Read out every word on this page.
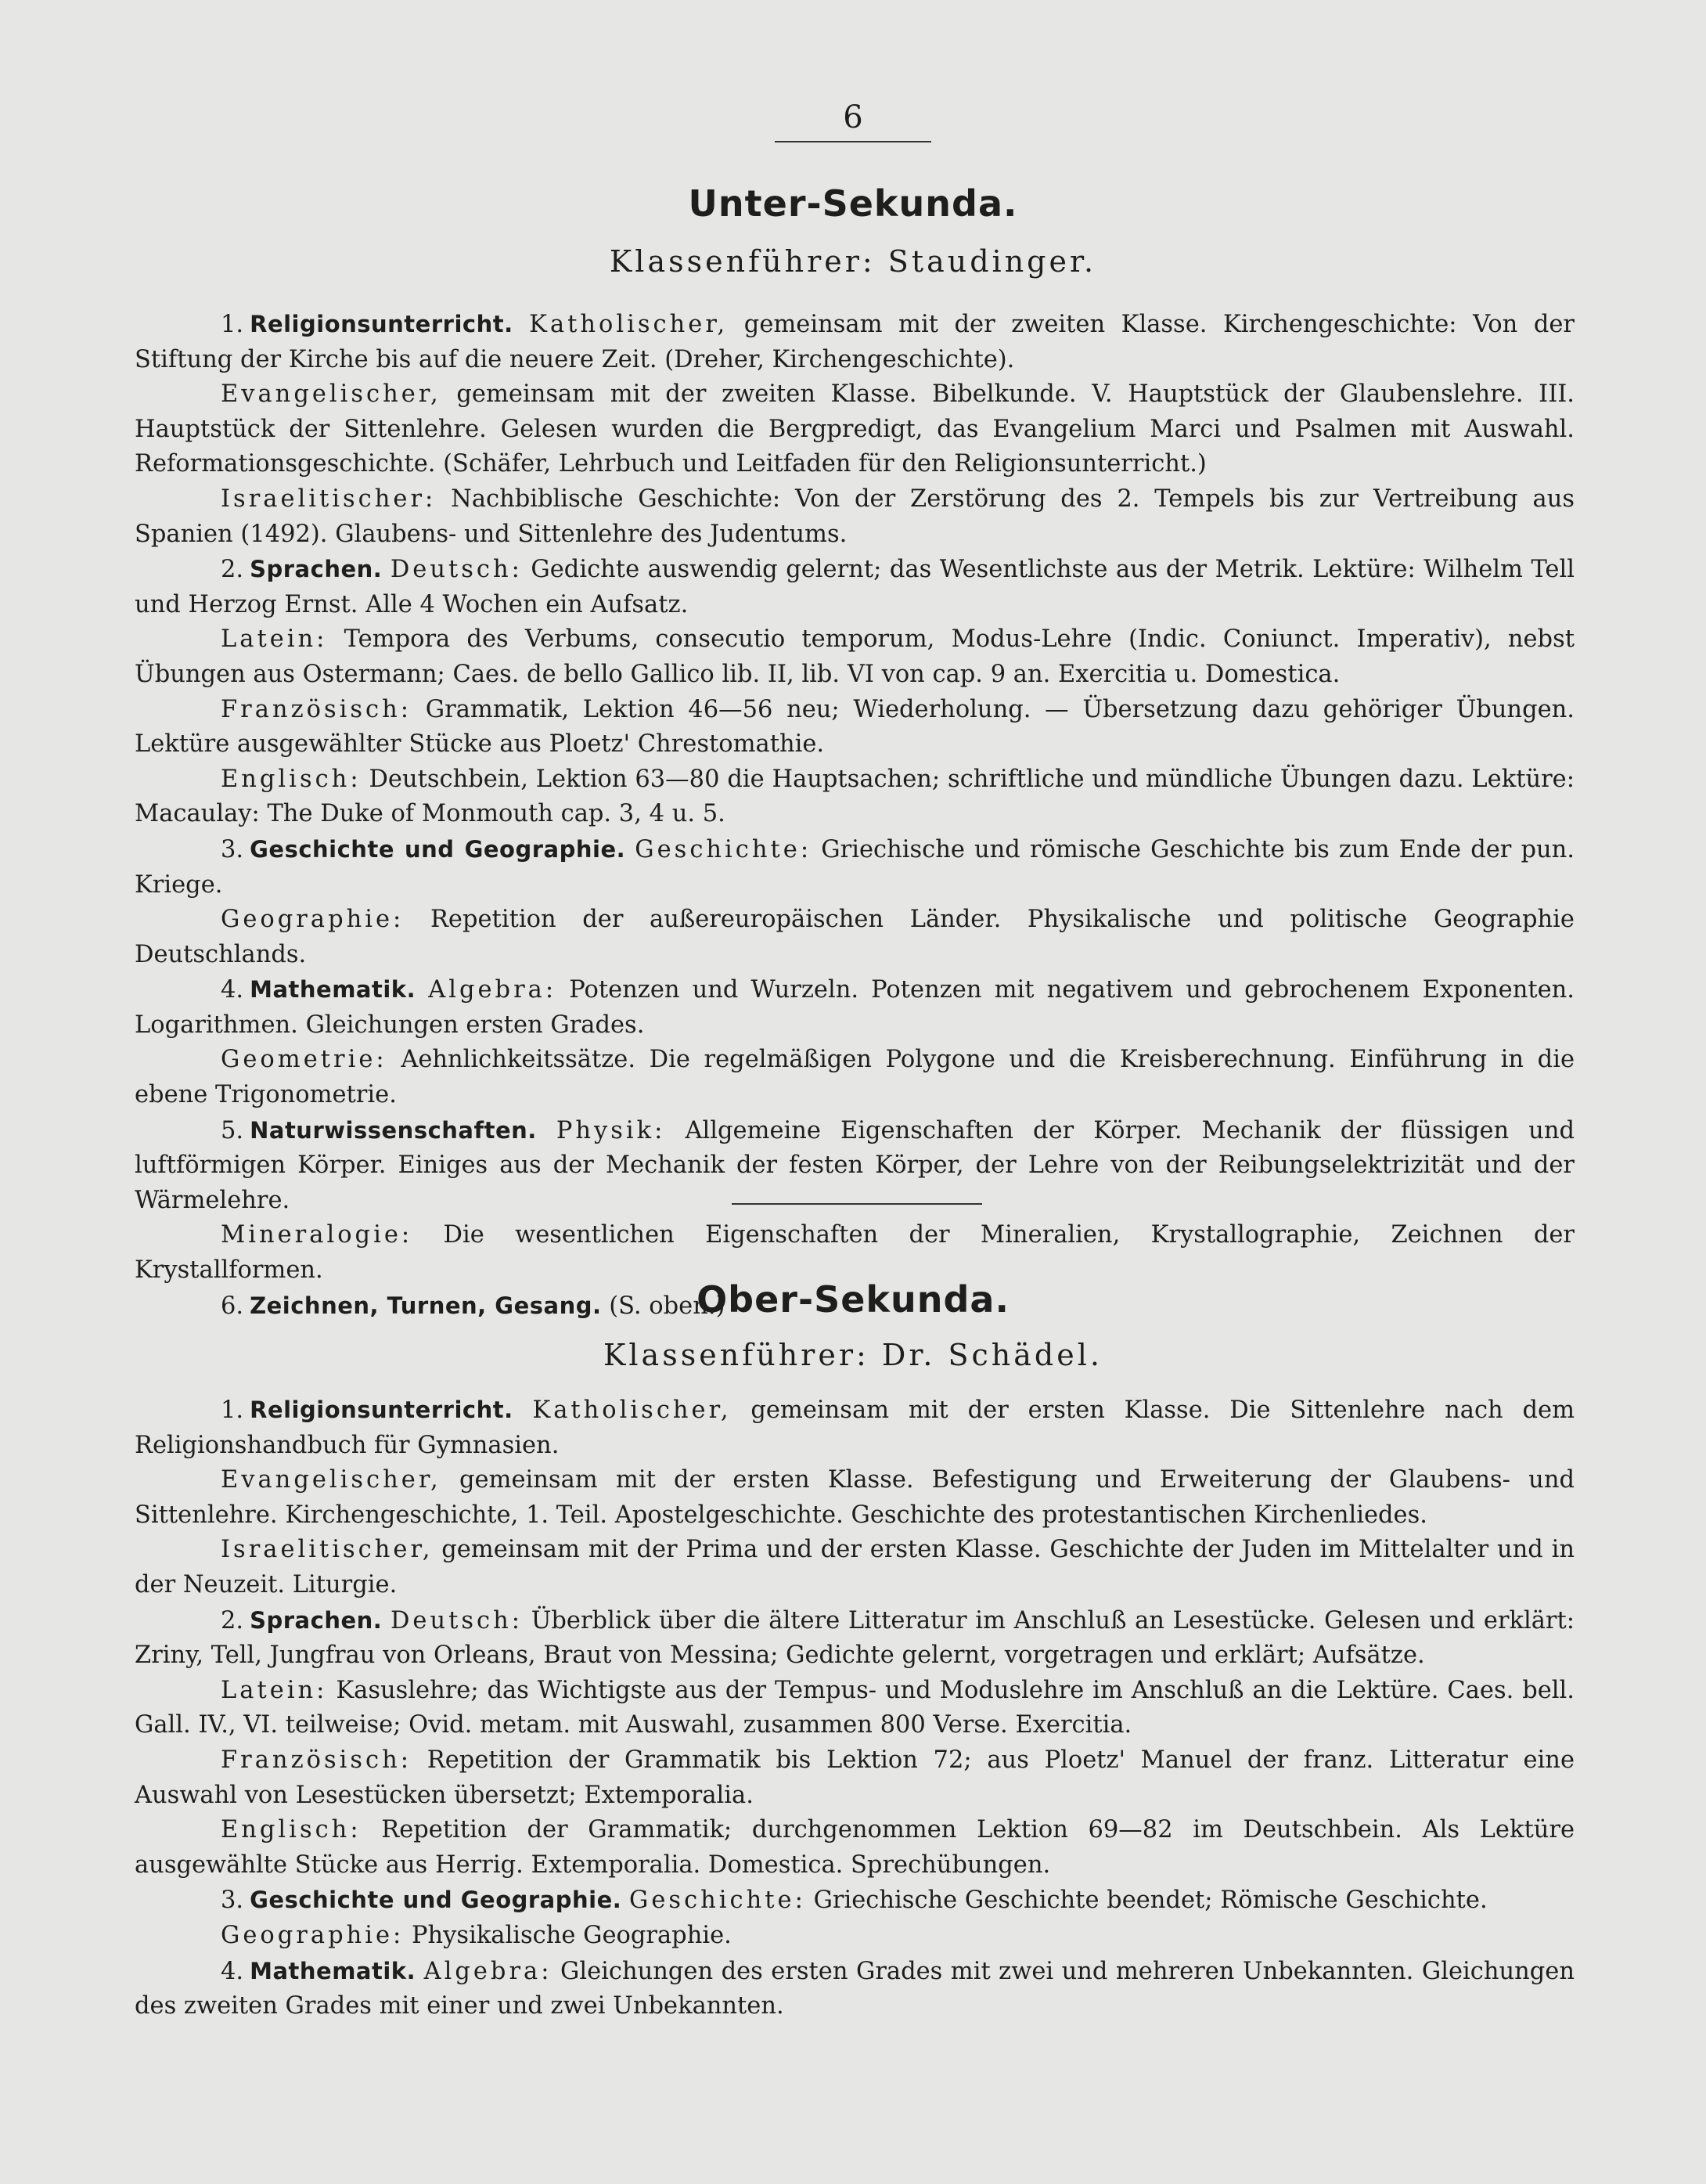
6
Unter-Sekunda.
Klassenführer: Staudinger.

1. Religionsunterricht. Katholischer, gemeinsam mit der zweiten Klasse. Kirchengeschichte: Von der Stiftung der Kirche bis auf die neuere Zeit. (Dreher, Kirchengeschichte).

Evangelischer, gemeinsam mit der zweiten Klasse. Bibelkunde. V. Hauptstück der Glaubenslehre. III. Hauptstück der Sittenlehre. Gelesen wurden die Bergpredigt, das Evangelium Marci und Psalmen mit Auswahl. Reformationsgeschichte. (Schäfer, Lehrbuch und Leitfaden für den Religionsunterricht.)

Israelitischer: Nachbiblische Geschichte: Von der Zerstörung des 2. Tempels bis zur Vertreibung aus Spanien (1492). Glaubens- und Sittenlehre des Judentums.

2. Sprachen. Deutsch: Gedichte auswendig gelernt; das Wesentlichste aus der Metrik. Lektüre: Wilhelm Tell und Herzog Ernst. Alle 4 Wochen ein Aufsatz.

Latein: Tempora des Verbums, consecutio temporum, Modus-Lehre (Indic. Coniunct. Imperativ), nebst Übungen aus Ostermann; Caes. de bello Gallico lib. II, lib. VI von cap. 9 an. Exercitia u. Domestica.

Französisch: Grammatik, Lektion 46—56 neu; Wiederholung. — Übersetzung dazu gehöriger Übungen. Lektüre ausgewählter Stücke aus Ploetz' Chrestomathie.

Englisch: Deutschbein, Lektion 63—80 die Hauptsachen; schriftliche und mündliche Übungen dazu. Lektüre: Macaulay: The Duke of Monmouth cap. 3, 4 u. 5.

3. Geschichte und Geographie. Geschichte: Griechische und römische Geschichte bis zum Ende der pun. Kriege.

Geographie: Repetition der außereuropäischen Länder. Physikalische und politische Geographie Deutschlands.

4. Mathematik. Algebra: Potenzen und Wurzeln. Potenzen mit negativem und gebrochenem Exponenten. Logarithmen. Gleichungen ersten Grades.

Geometrie: Aehnlichkeitssätze. Die regelmäßigen Polygone und die Kreisberechnung. Einführung in die ebene Trigonometrie.

5. Naturwissenschaften. Physik: Allgemeine Eigenschaften der Körper. Mechanik der flüssigen und luftförmigen Körper. Einiges aus der Mechanik der festen Körper, der Lehre von der Reibungselektrizität und der Wärmelehre.

Mineralogie: Die wesentlichen Eigenschaften der Mineralien, Krystallographie, Zeichnen der Krystallformen.

6. Zeichnen, Turnen, Gesang. (S. oben.)

Ober-Sekunda.
Klassenführer: Dr. Schädel.

1. Religionsunterricht. Katholischer, gemeinsam mit der ersten Klasse. Die Sittenlehre nach dem Religionshandbuch für Gymnasien.

Evangelischer, gemeinsam mit der ersten Klasse. Befestigung und Erweiterung der Glaubens- und Sittenlehre. Kirchengeschichte, 1. Teil. Apostelgeschichte. Geschichte des protestantischen Kirchenliedes.

Israelitischer, gemeinsam mit der Prima und der ersten Klasse. Geschichte der Juden im Mittelalter und in der Neuzeit. Liturgie.

2. Sprachen. Deutsch: Überblick über die ältere Litteratur im Anschluß an Lesestücke. Gelesen und erklärt: Zriny, Tell, Jungfrau von Orleans, Braut von Messina; Gedichte gelernt, vorgetragen und erklärt; Aufsätze.

Latein: Kasuslehre; das Wichtigste aus der Tempus- und Moduslehre im Anschluß an die Lektüre. Caes. bell. Gall. IV., VI. teilweise; Ovid. metam. mit Auswahl, zusammen 800 Verse. Exercitia.

Französisch: Repetition der Grammatik bis Lektion 72; aus Ploetz' Manuel der franz. Litteratur eine Auswahl von Lesestücken übersetzt; Extemporalia.

Englisch: Repetition der Grammatik; durchgenommen Lektion 69—82 im Deutschbein. Als Lektüre ausgewählte Stücke aus Herrig. Extemporalia. Domestica. Sprechübungen.

3. Geschichte und Geographie. Geschichte: Griechische Geschichte beendet; Römische Geschichte.

Geographie: Physikalische Geographie.

4. Mathematik. Algebra: Gleichungen des ersten Grades mit zwei und mehreren Unbekannten. Gleichungen des zweiten Grades mit einer und zwei Unbekannten.
